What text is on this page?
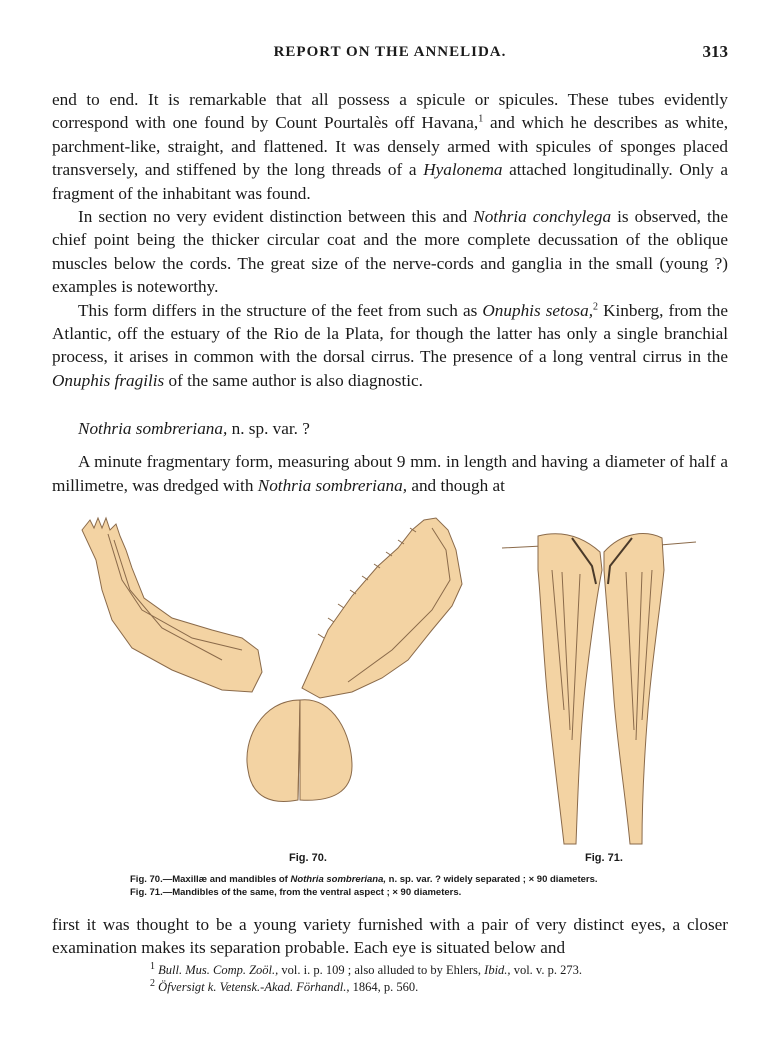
REPORT ON THE ANNELIDA.	313

end to end. It is remarkable that all possess a spicule or spicules. These tubes evidently correspond with one found by Count Pourtalès off Havana,$^1$ and which he describes as white, parchment-like, straight, and flattened. It was densely armed with spicules of sponges placed transversely, and stiffened by the long threads of a Hyalonema attached longitudinally. Only a fragment of the inhabitant was found.

In section no very evident distinction between this and Nothria conchylega is observed, the chief point being the thicker circular coat and the more complete decussation of the oblique muscles below the cords. The great size of the nerve-cords and ganglia in the small (young ?) examples is noteworthy.

This form differs in the structure of the feet from such as Onuphis setosa,$^2$ Kinberg, from the Atlantic, off the estuary of the Rio de la Plata, for though the latter has only a single branchial process, it arises in common with the dorsal cirrus. The presence of a long ventral cirrus in the Onuphis fragilis of the same author is also diagnostic.

Nothria sombreriana, n. sp. var. ?

A minute fragmentary form, measuring about 9 mm. in length and having a diameter of half a millimetre, was dredged with Nothria sombreriana, and though at

Fig. 70.	Fig. 71.
Fig. 70.—Maxillæ and mandibles of Nothria sombreriana, n. sp. var. ? widely separated ; × 90 diameters.
Fig. 71.—Mandibles of the same, from the ventral aspect ; × 90 diameters.

first it was thought to be a young variety furnished with a pair of very distinct eyes, a closer examination makes its separation probable. Each eye is situated below and

$^1$ Bull. Mus. Comp. Zoöl., vol. i. p. 109 ; also alluded to by Ehlers, Ibid., vol. v. p. 273.
$^2$ Öfversigt k. Vetensk.-Akad. Förhandl., 1864, p. 560.
